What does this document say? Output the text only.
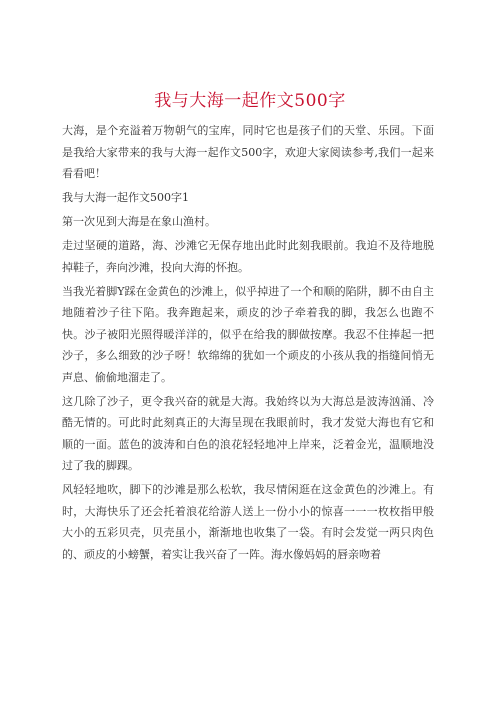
我与大海一起作文500字

大海，是个充溢着万物朝气的宝库，同时它也是孩子们的天堂、乐园。下面是我给大家带来的我与大海一起作文500字，欢迎大家阅读参考,我们一起来看看吧！

我与大海一起作文500字1

第一次见到大海是在象山渔村。

走过坚硬的道路，海、沙滩它无保存地出此时此刻我眼前。我迫不及待地脱掉鞋子，奔向沙滩，投向大海的怀抱。

当我光着脚Y踩在金黄色的沙滩上，似乎掉进了一个和顺的陷阱，脚不由自主地随着沙子往下陷。我奔跑起来，顽皮的沙子牵着我的脚，我怎么也跑不快。沙子被阳光照得暖洋洋的，似乎在给我的脚做按摩。我忍不住捧起一把沙子，多么细致的沙子呀！软绵绵的犹如一个顽皮的小孩从我的指缝间悄无声息、偷偷地溜走了。

这几除了沙子，更令我兴奋的就是大海。我始终以为大海总是波涛汹涌、冷酷无情的。可此时此刻真正的大海呈现在我眼前时，我才发觉大海也有它和顺的一面。蓝色的波涛和白色的浪花轻轻地冲上岸来，泛着金光，温顺地没过了我的脚踝。

风轻轻地吹，脚下的沙滩是那么松软，我尽情闲逛在这金黄色的沙滩上。有时，大海快乐了还会托着浪花给游人送上一份小小的惊喜一一一枚枚指甲般大小的五彩贝壳，贝壳虽小，渐渐地也收集了一袋。有时会发觉一两只肉色的、顽皮的小螃蟹，着实让我兴奋了一阵。海水像妈妈的唇亲吻着
